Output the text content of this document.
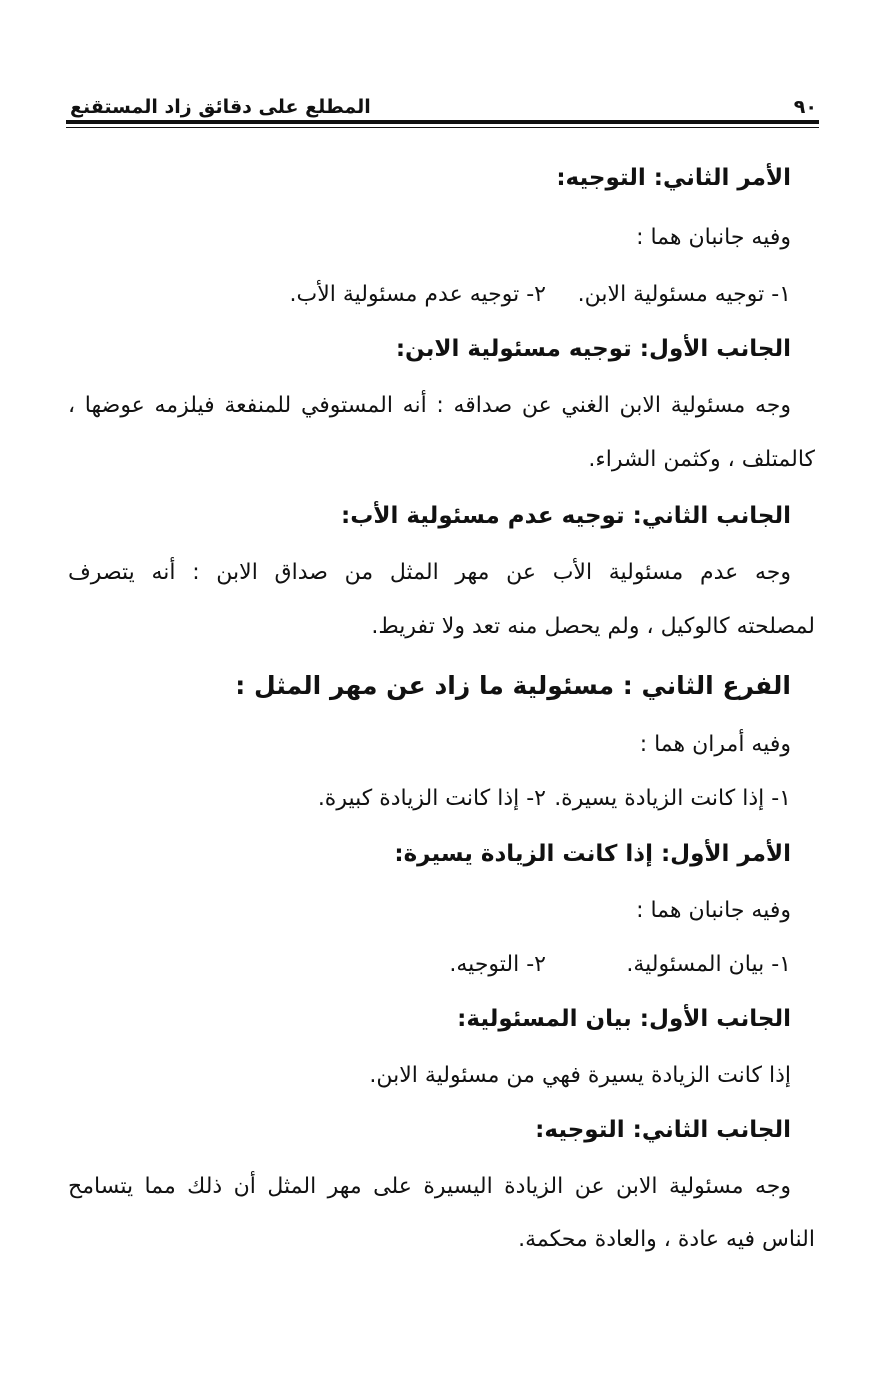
٩٠
المطلع على دقائق زاد المستقنع
الأمر الثاني: التوجيه:
وفيه جانبان هما :
١- توجيه مسئولية الابن.
٢- توجيه عدم مسئولية الأب.
الجانب الأول: توجيه مسئولية الابن:
وجه مسئولية الابن الغني عن صداقه : أنه المستوفي للمنفعة فيلزمه عوضها ،
كالمتلف ، وكثمن الشراء.
الجانب الثاني: توجيه عدم مسئولية الأب:
وجه عدم مسئولية الأب عن مهر المثل من صداق الابن : أنه يتصرف
لمصلحته كالوكيل ، ولم يحصل منه تعد ولا تفريط.
الفرع الثاني : مسئولية ما زاد عن مهر المثل :
وفيه أمران هما :
١- إذا كانت الزيادة يسيرة.
٢- إذا كانت الزيادة كبيرة.
الأمر الأول: إذا كانت الزيادة يسيرة:
وفيه جانبان هما :
١- بيان المسئولية.
٢- التوجيه.
الجانب الأول: بيان المسئولية:
إذا كانت الزيادة يسيرة فهي من مسئولية الابن.
الجانب الثاني: التوجيه:
وجه مسئولية الابن عن الزيادة اليسيرة على مهر المثل أن ذلك مما يتسامح
الناس فيه عادة ، والعادة محكمة.
